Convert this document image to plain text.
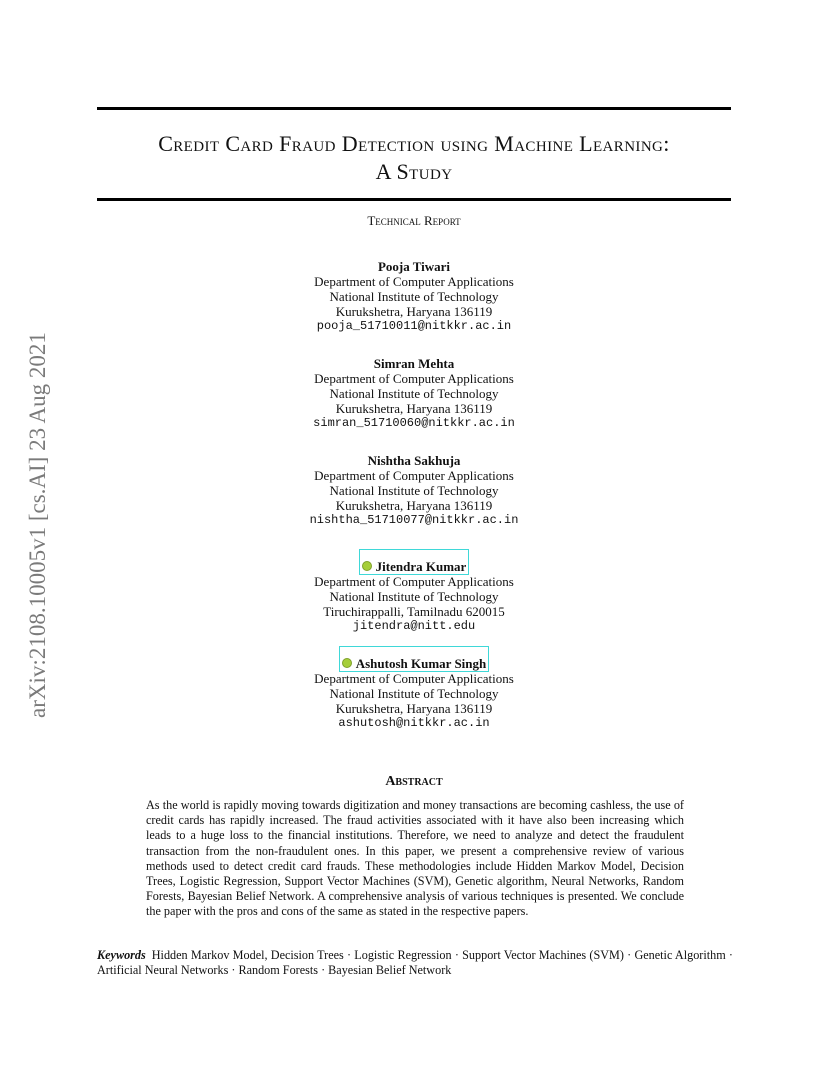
Credit Card Fraud Detection using Machine Learning:
A Study
Technical Report
arXiv:2108.10005v1 [cs.AI] 23 Aug 2021
Pooja Tiwari
Department of Computer Applications
National Institute of Technology
Kurukshetra, Haryana 136119
pooja_51710011@nitkkr.ac.in
Simran Mehta
Department of Computer Applications
National Institute of Technology
Kurukshetra, Haryana 136119
simran_51710060@nitkkr.ac.in
Nishtha Sakhuja
Department of Computer Applications
National Institute of Technology
Kurukshetra, Haryana 136119
nishtha_51710077@nitkkr.ac.in
Jitendra Kumar
Department of Computer Applications
National Institute of Technology
Tiruchirappalli, Tamilnadu 620015
jitendra@nitt.edu
Ashutosh Kumar Singh
Department of Computer Applications
National Institute of Technology
Kurukshetra, Haryana 136119
ashutosh@nitkkr.ac.in
Abstract
As the world is rapidly moving towards digitization and money transactions are becoming cashless, the use of credit cards has rapidly increased. The fraud activities associated with it have also been increasing which leads to a huge loss to the financial institutions. Therefore, we need to analyze and detect the fraudulent transaction from the non-fraudulent ones. In this paper, we present a comprehensive review of various methods used to detect credit card frauds. These methodologies include Hidden Markov Model, Decision Trees, Logistic Regression, Support Vector Machines (SVM), Genetic algorithm, Neural Networks, Random Forests, Bayesian Belief Network. A comprehensive analysis of various techniques is presented. We conclude the paper with the pros and cons of the same as stated in the respective papers.
Keywords Hidden Markov Model, Decision Trees · Logistic Regression · Support Vector Machines (SVM) · Genetic Algorithm · Artificial Neural Networks · Random Forests · Bayesian Belief Network
